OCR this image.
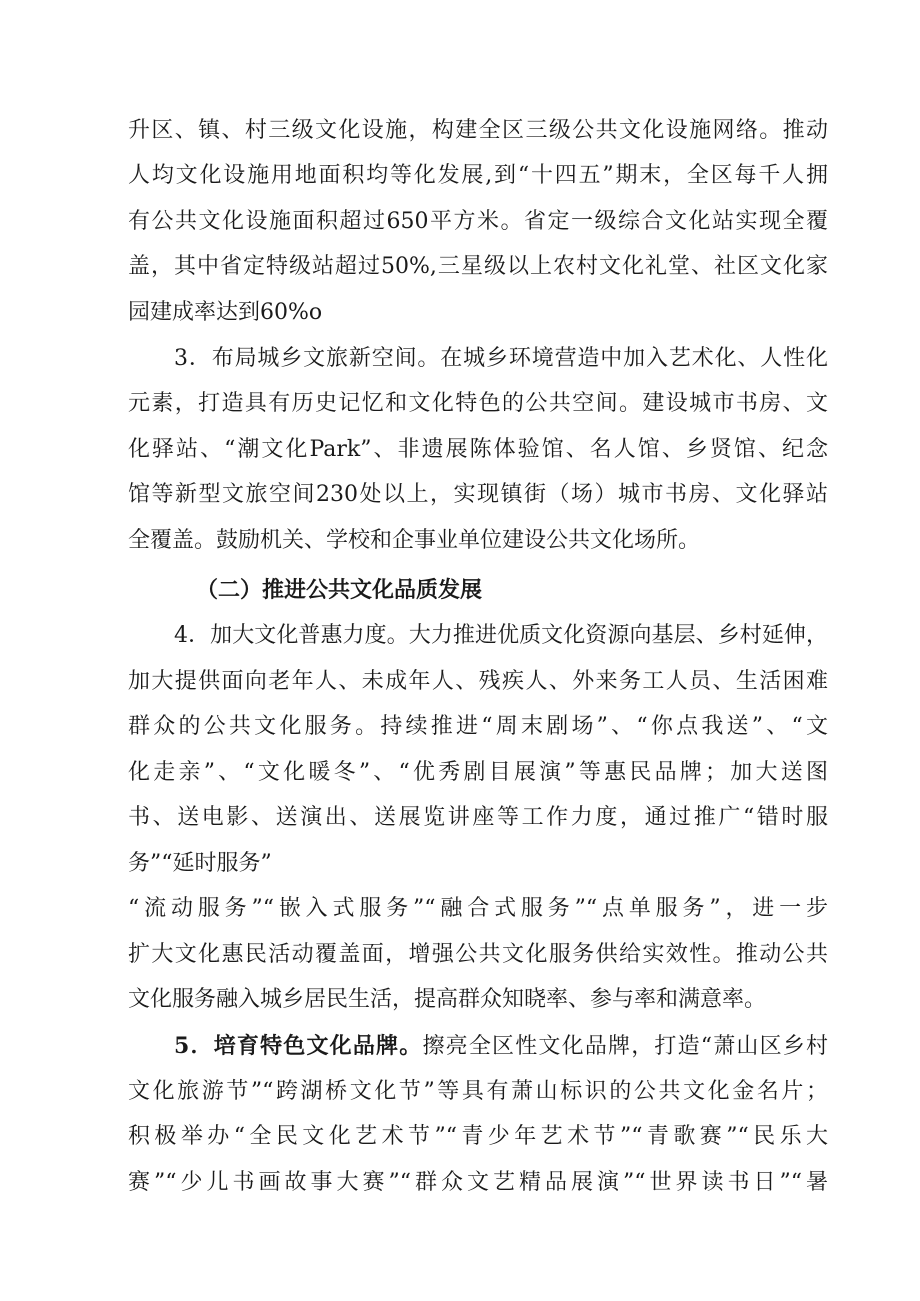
升区、镇、村三级文化设施，构建全区三级公共文化设施网络。推动
人均文化设施用地面积均等化发展,到“十四五”期末，全区每千人拥
有公共文化设施面积超过650平方米。省定一级综合文化站实现全覆
盖，其中省定特级站超过50%,三星级以上农村文化礼堂、社区文化家
园建成率达到60%o
3．布局城乡文旅新空间。在城乡环境营造中加入艺术化、人性化
元素，打造具有历史记忆和文化特色的公共空间。建设城市书房、文
化驿站、“潮文化Park”、非遗展陈体验馆、名人馆、乡贤馆、纪念
馆等新型文旅空间230处以上，实现镇街（场）城市书房、文化驿站
全覆盖。鼓励机关、学校和企事业单位建设公共文化场所。
（二）推进公共文化品质发展
4．加大文化普惠力度。大力推进优质文化资源向基层、乡村延伸，
加大提供面向老年人、未成年人、残疾人、外来务工人员、生活困难
群众的公共文化服务。持续推进“周末剧场”、“你点我送”、“文
化走亲”、“文化暖冬”、“优秀剧目展演”等惠民品牌；加大送图
书、送电影、送演出、送展览讲座等工作力度，通过推广“错时服
务”“延时服务”
“流动服务”“嵌入式服务”“融合式服务”“点单服务”，进一步
扩大文化惠民活动覆盖面，增强公共文化服务供给实效性。推动公共
文化服务融入城乡居民生活，提高群众知晓率、参与率和满意率。
5．培育特色文化品牌。擦亮全区性文化品牌，打造“萧山区乡村
文化旅游节”“跨湖桥文化节”等具有萧山标识的公共文化金名片；
积极举办“全民文化艺术节”“青少年艺术节”“青歌赛”“民乐大
赛”“少儿书画故事大赛”“群众文艺精品展演”“世界读书日”“暑
